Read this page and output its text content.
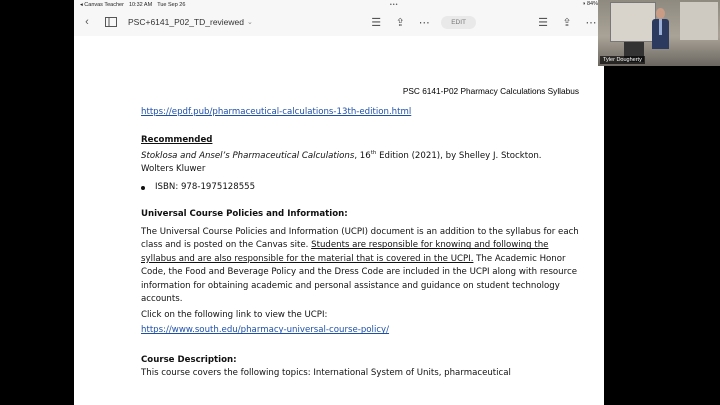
◂ Canvas Teacher 10:32 AM Tue Sep 26	•••	◑ 84%
‹	PSC+6141_P02_TD_reviewed ⌄	☰ ⇪ ⋯	EDIT	☰ ⇪ ⋯
PSC 6141-P02 Pharmacy Calculations Syllabus
https://epdf.pub/pharmaceutical-calculations-13th-edition.html
Recommended
Stoklosa and Ansel’s Pharmaceutical Calculations, 16th Edition (2021), by Shelley J. Stockton.
Wolters Kluwer
ISBN: 978-1975128555
Universal Course Policies and Information:
The Universal Course Policies and Information (UCPI) document is an addition to the syllabus for each class and is posted on the Canvas site. Students are responsible for knowing and following the syllabus and are also responsible for the material that is covered in the UCPI. The Academic Honor Code, the Food and Beverage Policy and the Dress Code are included in the UCPI along with resource information for obtaining academic and personal assistance and guidance on student technology accounts.
Click on the following link to view the UCPI:
https://www.south.edu/pharmacy-universal-course-policy/
Course Description:
This course covers the following topics: International System of Units, pharmaceutical
Tyler Dougherty
